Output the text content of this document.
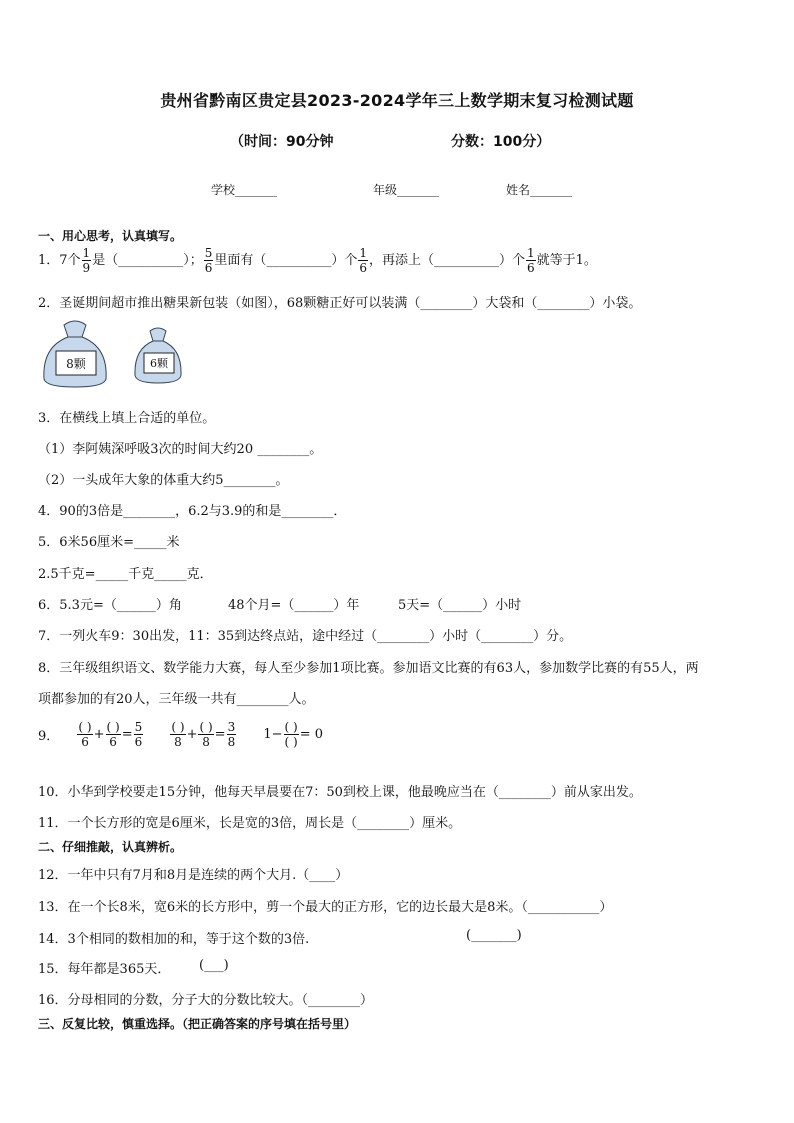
贵州省黔南区贵定县2023-2024学年三上数学期末复习检测试题
（时间：90分钟	分数：100分）
学校_______	年级_______	姓名_______
一、用心思考，认真填写。
1．7个 $\frac{1}{9}$ 是（__________）； $\frac{5}{6}$ 里面有（__________）个 $\frac{1}{6}$ ，再添上（__________）个 $\frac{1}{6}$ 就等于1。
2．圣诞期间超市推出糖果新包装（如图），68颗糖正好可以装满（________）大袋和（________）小袋。
8颗	6颗
3．在横线上填上合适的单位。
（1）李阿姨深呼吸3次的时间大约20 ________。
（2）一头成年大象的体重大约5________。
4．90的3倍是________，6.2与3.9的和是________．
5．6米56厘米=_____米
2.5千克=_____千克_____克．
6．5.3元=（______）角	48个月=（______）年	5天=（______）小时
7．一列火车9：30出发，11：35到达终点站，途中经过（________）小时（________）分。
8．三年级组织语文、数学能力大赛，每人至少参加1项比赛。参加语文比赛的有63人，参加数学比赛的有55人，两
项都参加的有20人，三年级一共有________人。
9． $\frac{( )}{6} + \frac{( )}{6} = \frac{5}{6}$
$\frac{( )}{8} + \frac{( )}{8} = \frac{3}{8} 1- \frac{( )}{( )} = 0$
10．小华到学校要走15分钟，他每天早晨要在7：50到校上课，他最晚应当在（________）前从家出发。
11．一个长方形的宽是6厘米，长是宽的3倍，周长是（________）厘米。
二、仔细推敲，认真辨析。
12．一年中只有7月和8月是连续的两个大月.（____）
13．在一个长8米，宽6米的长方形中，剪一个最大的正方形，它的边长最大是8米。（___________）
14．3个相同的数相加的和，等于这个数的3倍.	(_______)
15．每年都是365天． (___)
16．分母相同的分数，分子大的分数比较大。（________）
三、反复比较，慎重选择。（把正确答案的序号填在括号里）
